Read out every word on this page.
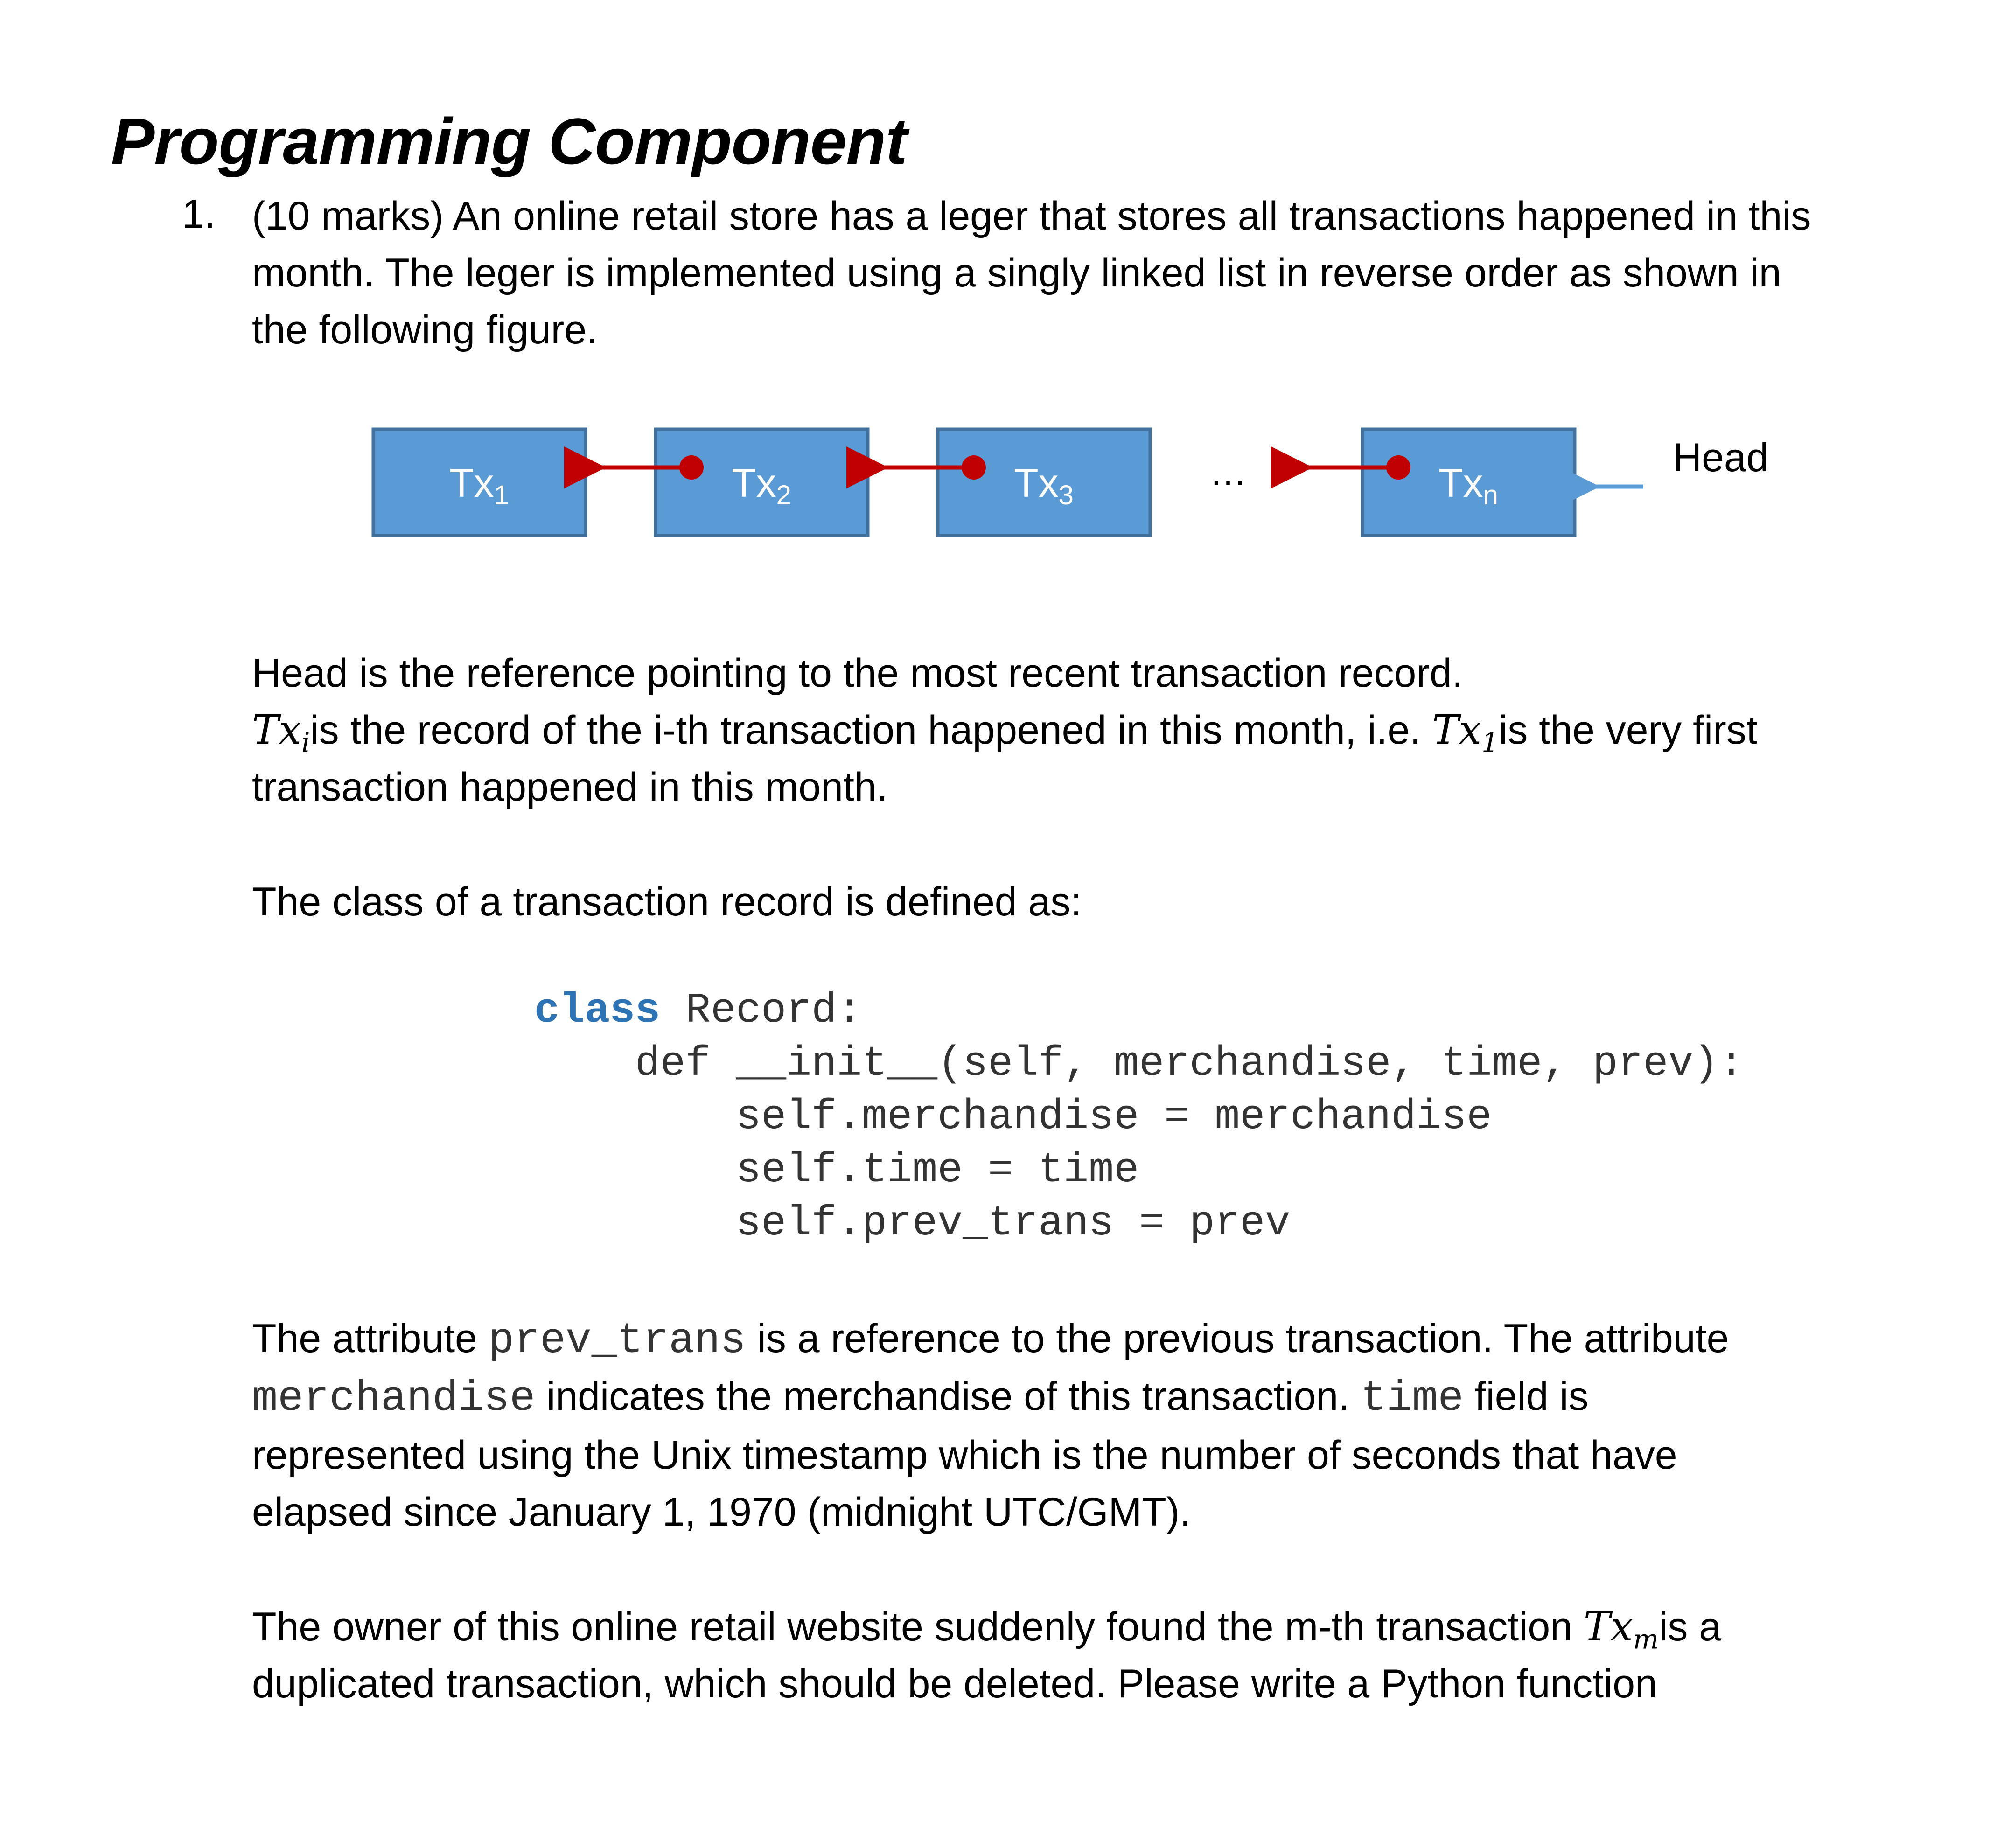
Programming Component
1. (10 marks) An online retail store has a leger that stores all transactions happened in this

month. The leger is implemented using a singly linked list in reverse order as shown in

the following figure.

Tx1	Tx2	Tx3	Txn
…	Head

Head is the reference pointing to the most recent transaction record.

$Tx_iis$ the record of the i-th transaction happened in this month, i.e. $Tx_1is$ the very first

transaction happened in this month.

The class of a transaction record is defined as:

class Record:
def __init__(self, merchandise, time, prev):
self.merchandise = merchandise
self.time = time
self.prev_trans = prev

The attribute prev_trans is a reference to the previous transaction. The attribute

merchandise indicates the merchandise of this transaction. time field is

represented using the Unix timestamp which is the number of seconds that have

elapsed since January 1, 1970 (midnight UTC/GMT).

The owner of this online retail website suddenly found the m-th transaction $Tx_mis$ a

duplicated transaction, which should be deleted. Please write a Python function
